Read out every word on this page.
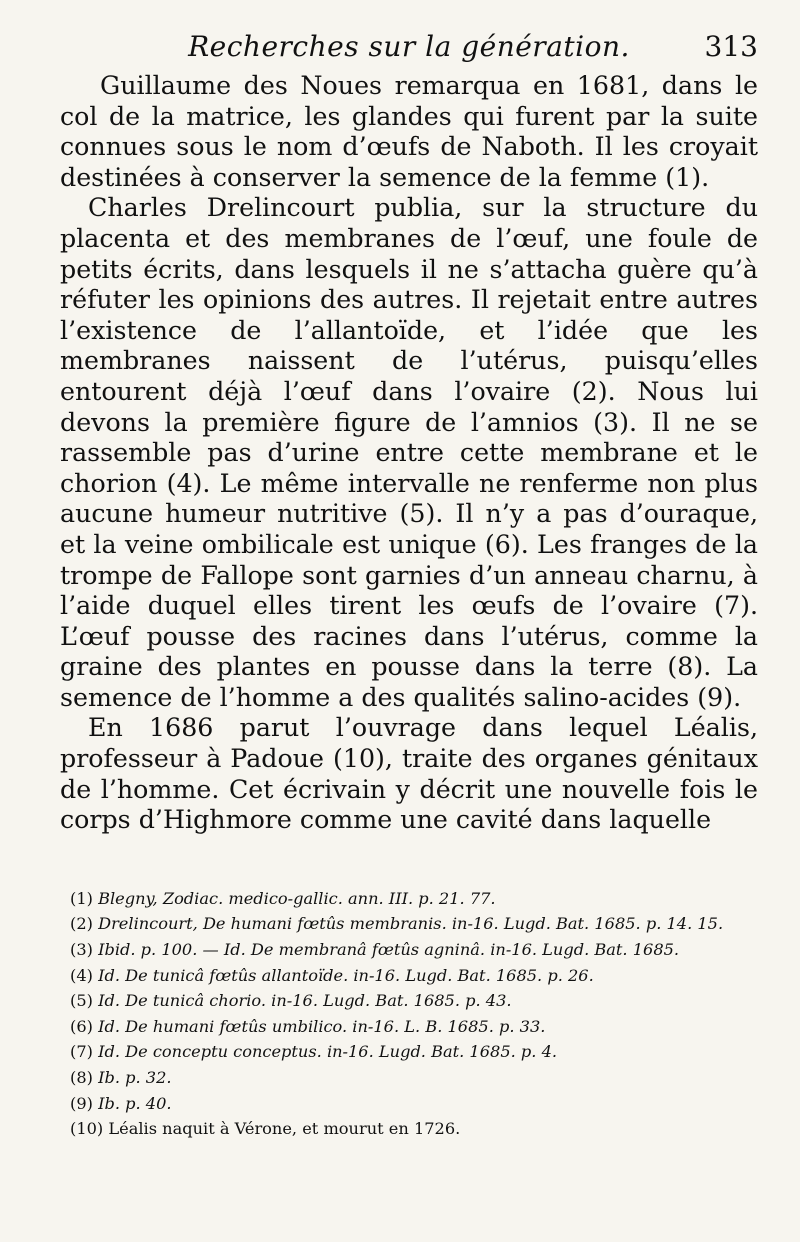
Recherches sur la génération.	313

Guillaume des Noues remarqua en 1681, dans le col de la matrice, les glandes qui furent par la suite connues sous le nom d’œufs de Naboth. Il les croyait destinées à conserver la semence de la femme (1).

Charles Drelincourt publia, sur la structure du placenta et des membranes de l’œuf, une foule de petits écrits, dans lesquels il ne s’attacha guère qu’à réfuter les opinions des autres. Il rejetait entre autres l’existence de l’allantoïde, et l’idée que les membranes naissent de l’utérus, puisqu’elles entourent déjà l’œuf dans l’ovaire (2). Nous lui devons la première figure de l’amnios (3). Il ne se rassemble pas d’urine entre cette membrane et le chorion (4). Le même intervalle ne renferme non plus aucune humeur nutritive (5). Il n’y a pas d’ouraque, et la veine ombilicale est unique (6). Les franges de la trompe de Fallope sont garnies d’un anneau charnu, à l’aide duquel elles tirent les œufs de l’ovaire (7). L’œuf pousse des racines dans l’utérus, comme la graine des plantes en pousse dans la terre (8). La semence de l’homme a des qualités salino-acides (9).

En 1686 parut l’ouvrage dans lequel Léalis, professeur à Padoue (10), traite des organes génitaux de l’homme. Cet écrivain y décrit une nouvelle fois le corps d’Highmore comme une cavité dans laquelle

(1) Blegny, Zodiac. medico-gallic. ann. III. p. 21. 77.

(2) Drelincourt, De humani fœtûs membranis. in-16. Lugd. Bat. 1685. p. 14. 15.

(3) Ibid. p. 100. — Id. De membranâ fœtûs agninâ. in-16. Lugd. Bat. 1685.

(4) Id. De tunicâ fœtûs allantoïde. in-16. Lugd. Bat. 1685. p. 26.

(5) Id. De tunicâ chorio. in-16. Lugd. Bat. 1685. p. 43.

(6) Id. De humani fœtûs umbilico. in-16. L. B. 1685. p. 33.

(7) Id. De conceptu conceptus. in-16. Lugd. Bat. 1685. p. 4.

(8) Ib. p. 32.

(9) Ib. p. 40.

(10) Léalis naquit à Vérone, et mourut en 1726.
